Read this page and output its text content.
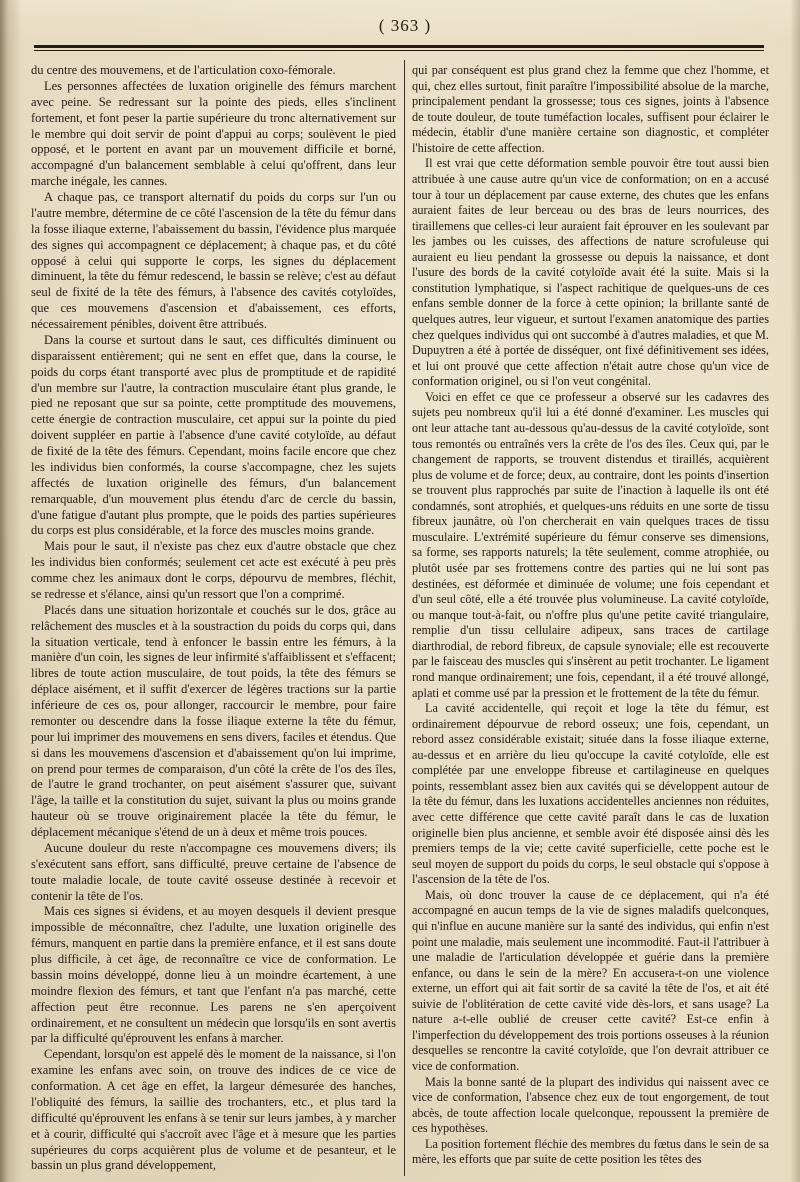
( 363 )

du centre des mouvemens, et de l'articulation coxo-fémorale.

Les personnes affectées de luxation originelle des fémurs marchent avec peine. Se redressant sur la pointe des pieds, elles s'inclinent fortement, et font peser la partie supérieure du tronc alternativement sur le membre qui doit servir de point d'appui au corps; soulèvent le pied opposé, et le portent en avant par un mouvement difficile et borné, accompagné d'un balancement semblable à celui qu'offrent, dans leur marche inégale, les cannes.

A chaque pas, ce transport alternatif du poids du corps sur l'un ou l'autre membre, détermine de ce côté l'ascension de la tête du fémur dans la fosse iliaque externe, l'abaissement du bassin, l'évidence plus marquée des signes qui accompagnent ce déplacement; à chaque pas, et du côté opposé à celui qui supporte le corps, les signes du déplacement diminuent, la tête du fémur redescend, le bassin se relève; c'est au défaut seul de fixité de la tête des fémurs, à l'absence des cavités cotyloïdes, que ces mouvemens d'ascension et d'abaissement, ces efforts, nécessairement pénibles, doivent être attribués.

Dans la course et surtout dans le saut, ces difficultés diminuent ou disparaissent entièrement; qui ne sent en effet que, dans la course, le poids du corps étant transporté avec plus de promptitude et de rapidité d'un membre sur l'autre, la contraction musculaire étant plus grande, le pied ne reposant que sur sa pointe, cette promptitude des mouvemens, cette énergie de contraction musculaire, cet appui sur la pointe du pied doivent suppléer en partie à l'absence d'une cavité cotyloïde, au défaut de fixité de la tête des fémurs. Cependant, moins facile encore que chez les individus bien conformés, la course s'accompagne, chez les sujets affectés de luxation originelle des fémurs, d'un balancement remarquable, d'un mouvement plus étendu d'arc de cercle du bassin, d'une fatigue d'autant plus prompte, que le poids des parties supérieures du corps est plus considérable, et la force des muscles moins grande.

Mais pour le saut, il n'existe pas chez eux d'autre obstacle que chez les individus bien conformés; seulement cet acte est exécuté à peu près comme chez les animaux dont le corps, dépourvu de membres, fléchit, se redresse et s'élance, ainsi qu'un ressort que l'on a comprimé.

Placés dans une situation horizontale et couchés sur le dos, grâce au relâchement des muscles et à la soustraction du poids du corps qui, dans la situation verticale, tend à enfoncer le bassin entre les fémurs, à la manière d'un coin, les signes de leur infirmité s'affaiblissent et s'effacent; libres de toute action musculaire, de tout poids, la tête des fémurs se déplace aisément, et il suffit d'exercer de légères tractions sur la partie inférieure de ces os, pour allonger, raccourcir le membre, pour faire remonter ou descendre dans la fosse iliaque externe la tête du fémur, pour lui imprimer des mouvemens en sens divers, faciles et étendus. Que si dans les mouvemens d'ascension et d'abaissement qu'on lui imprime, on prend pour termes de comparaison, d'un côté la crête de l'os des îles, de l'autre le grand trochanter, on peut aisément s'assurer que, suivant l'âge, la taille et la constitution du sujet, suivant la plus ou moins grande hauteur où se trouve originairement placée la tête du fémur, le déplacement mécanique s'étend de un à deux et même trois pouces.

Aucune douleur du reste n'accompagne ces mouvemens divers; ils s'exécutent sans effort, sans difficulté, preuve certaine de l'absence de toute maladie locale, de toute cavité osseuse destinée à recevoir et contenir la tête de l'os.

Mais ces signes si évidens, et au moyen desquels il devient presque impossible de méconnaître, chez l'adulte, une luxation originelle des fémurs, manquent en partie dans la première enfance, et il est sans doute plus difficile, à cet âge, de reconnaître ce vice de conformation. Le bassin moins développé, donne lieu à un moindre écartement, à une moindre flexion des fémurs, et tant que l'enfant n'a pas marché, cette affection peut être reconnue. Les parens ne s'en aperçoivent ordinairement, et ne consultent un médecin que lorsqu'ils en sont avertis par la difficulté qu'éprouvent les enfans à marcher.

Cependant, lorsqu'on est appelé dès le moment de la naissance, si l'on examine les enfans avec soin, on trouve des indices de ce vice de conformation. A cet âge en effet, la largeur démesurée des hanches, l'obliquité des fémurs, la saillie des trochanters, etc., et plus tard la difficulté qu'éprouvent les enfans à se tenir sur leurs jambes, à y marcher et à courir, difficulté qui s'accroît avec l'âge et à mesure que les parties supérieures du corps acquièrent plus de volume et de pesanteur, et le bassin un plus grand développement,

qui par conséquent est plus grand chez la femme que chez l'homme, et qui, chez elles surtout, finit paraître l'impossibilité absolue de la marche, principalement pendant la grossesse; tous ces signes, joints à l'absence de toute douleur, de toute tuméfaction locales, suffisent pour éclairer le médecin, établir d'une manière certaine son diagnostic, et compléter l'histoire de cette affection.

Il est vrai que cette déformation semble pouvoir être tout aussi bien attribuée à une cause autre qu'un vice de conformation; on en a accusé tour à tour un déplacement par cause externe, des chutes que les enfans auraient faites de leur berceau ou des bras de leurs nourrices, des tiraillemens que celles-ci leur auraient fait éprouver en les soulevant par les jambes ou les cuisses, des affections de nature scrofuleuse qui auraient eu lieu pendant la grossesse ou depuis la naissance, et dont l'usure des bords de la cavité cotyloïde avait été la suite. Mais si la constitution lymphatique, si l'aspect rachitique de quelques-uns de ces enfans semble donner de la force à cette opinion; la brillante santé de quelques autres, leur vigueur, et surtout l'examen anatomique des parties chez quelques individus qui ont succombé à d'autres maladies, et que M. Dupuytren a été à portée de disséquer, ont fixé définitivement ses idées, et lui ont prouvé que cette affection n'était autre chose qu'un vice de conformation originel, ou si l'on veut congénital.

Voici en effet ce que ce professeur a observé sur les cadavres des sujets peu nombreux qu'il lui a été donné d'examiner. Les muscles qui ont leur attache tant au-dessous qu'au-dessus de la cavité cotyloïde, sont tous remontés ou entraînés vers la crête de l'os des îles. Ceux qui, par le changement de rapports, se trouvent distendus et tiraillés, acquièrent plus de volume et de force; deux, au contraire, dont les points d'insertion se trouvent plus rapprochés par suite de l'inaction à laquelle ils ont été condamnés, sont atrophiés, et quelques-uns réduits en une sorte de tissu fibreux jaunâtre, où l'on chercherait en vain quelques traces de tissu musculaire. L'extrémité supérieure du fémur conserve ses dimensions, sa forme, ses rapports naturels; la tête seulement, comme atrophiée, ou plutôt usée par ses frottemens contre des parties qui ne lui sont pas destinées, est déformée et diminuée de volume; une fois cependant et d'un seul côté, elle a été trouvée plus volumineuse. La cavité cotyloïde, ou manque tout-à-fait, ou n'offre plus qu'une petite cavité triangulaire, remplie d'un tissu cellulaire adipeux, sans traces de cartilage diarthrodial, de rebord fibreux, de capsule synoviale; elle est recouverte par le faisceau des muscles qui s'insèrent au petit trochanter. Le ligament rond manque ordinairement; une fois, cependant, il a été trouvé allongé, aplati et comme usé par la pression et le frottement de la tête du fémur.

La cavité accidentelle, qui reçoit et loge la tête du fémur, est ordinairement dépourvue de rebord osseux; une fois, cependant, un rebord assez considérable existait; située dans la fosse iliaque externe, au-dessus et en arrière du lieu qu'occupe la cavité cotyloïde, elle est complétée par une enveloppe fibreuse et cartilagineuse en quelques points, ressemblant assez bien aux cavités qui se développent autour de la tête du fémur, dans les luxations accidentelles anciennes non réduites, avec cette différence que cette cavité paraît dans le cas de luxation originelle bien plus ancienne, et semble avoir été disposée ainsi dès les premiers temps de la vie; cette cavité superficielle, cette poche est le seul moyen de support du poids du corps, le seul obstacle qui s'oppose à l'ascension de la tête de l'os.

Mais, où donc trouver la cause de ce déplacement, qui n'a été accompagné en aucun temps de la vie de signes maladifs quelconques, qui n'influe en aucune manière sur la santé des individus, qui enfin n'est point une maladie, mais seulement une incommodité. Faut-il l'attribuer à une maladie de l'articulation développée et guérie dans la première enfance, ou dans le sein de la mère? En accusera-t-on une violence externe, un effort qui ait fait sortir de sa cavité la tête de l'os, et ait été suivie de l'oblitération de cette cavité vide dès-lors, et sans usage? La nature a-t-elle oublié de creuser cette cavité? Est-ce enfin à l'imperfection du développement des trois portions osseuses à la réunion desquelles se rencontre la cavité cotyloïde, que l'on devrait attribuer ce vice de conformation.

Mais la bonne santé de la plupart des individus qui naissent avec ce vice de conformation, l'absence chez eux de tout engorgement, de tout abcès, de toute affection locale quelconque, repoussent la première de ces hypothèses.

La position fortement fléchie des membres du fœtus dans le sein de sa mère, les efforts que par suite de cette position les têtes des
